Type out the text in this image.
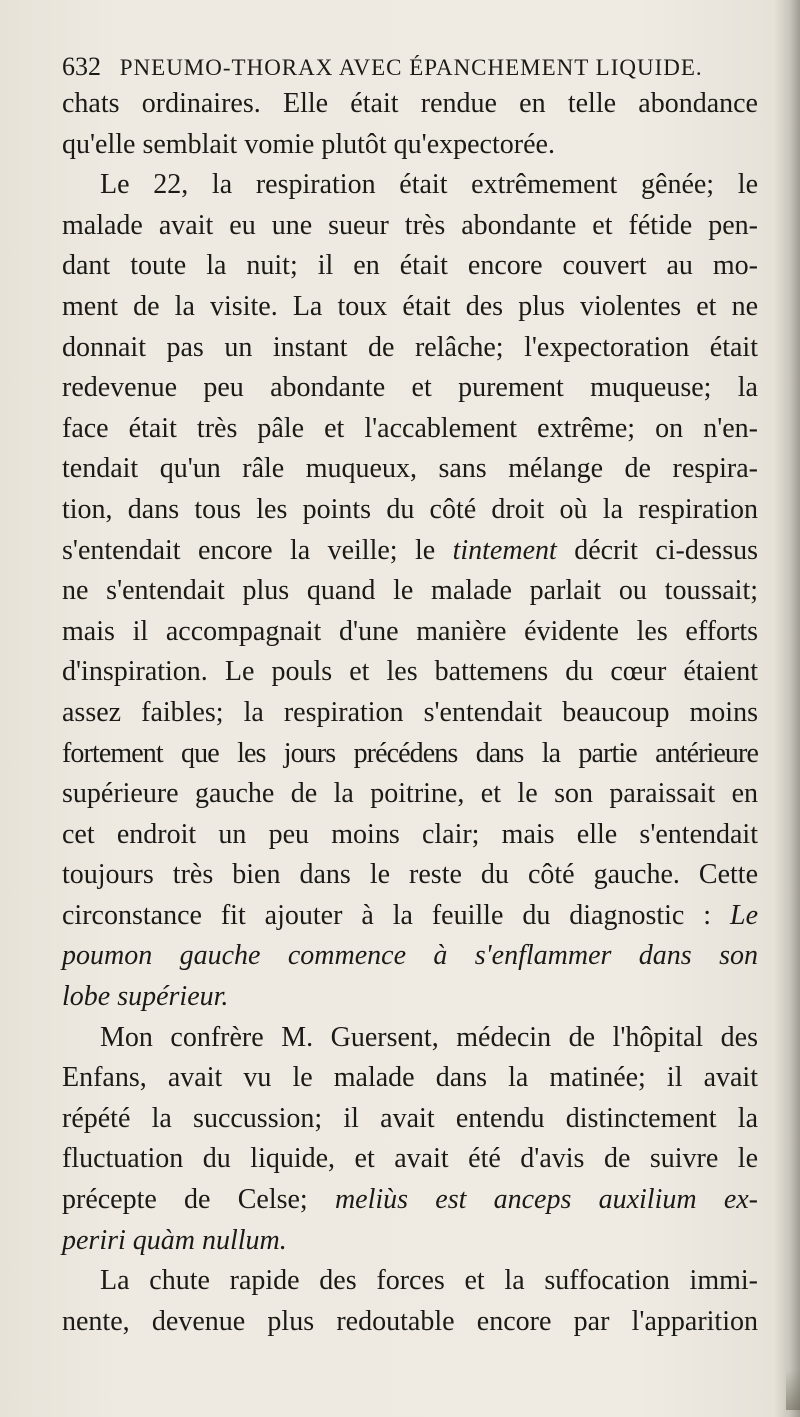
632 PNEUMO-THORAX AVEC ÉPANCHEMENT LIQUIDE.
chats ordinaires. Elle était rendue en telle abondance
qu'elle semblait vomie plutôt qu'expectorée.
Le 22, la respiration était extrêmement gênée; le
malade avait eu une sueur très abondante et fétide pen-
dant toute la nuit; il en était encore couvert au mo-
ment de la visite. La toux était des plus violentes et ne
donnait pas un instant de relâche; l'expectoration était
redevenue peu abondante et purement muqueuse; la
face était très pâle et l'accablement extrême; on n'en-
tendait qu'un râle muqueux, sans mélange de respira-
tion, dans tous les points du côté droit où la respiration
s'entendait encore la veille; le tintement décrit ci-dessus
ne s'entendait plus quand le malade parlait ou toussait;
mais il accompagnait d'une manière évidente les efforts
d'inspiration. Le pouls et les battemens du cœur étaient
assez faibles; la respiration s'entendait beaucoup moins
fortement que les jours précédens dans la partie antérieure
supérieure gauche de la poitrine, et le son paraissait en
cet endroit un peu moins clair; mais elle s'entendait
toujours très bien dans le reste du côté gauche. Cette
circonstance fit ajouter à la feuille du diagnostic : Le
poumon gauche commence à s'enflammer dans son
lobe supérieur.
Mon confrère M. Guersent, médecin de l'hôpital des
Enfans, avait vu le malade dans la matinée; il avait
répété la succussion; il avait entendu distinctement la
fluctuation du liquide, et avait été d'avis de suivre le
précepte de Celse; meliùs est anceps auxilium ex-
periri quàm nullum.
La chute rapide des forces et la suffocation immi-
nente, devenue plus redoutable encore par l'apparition
